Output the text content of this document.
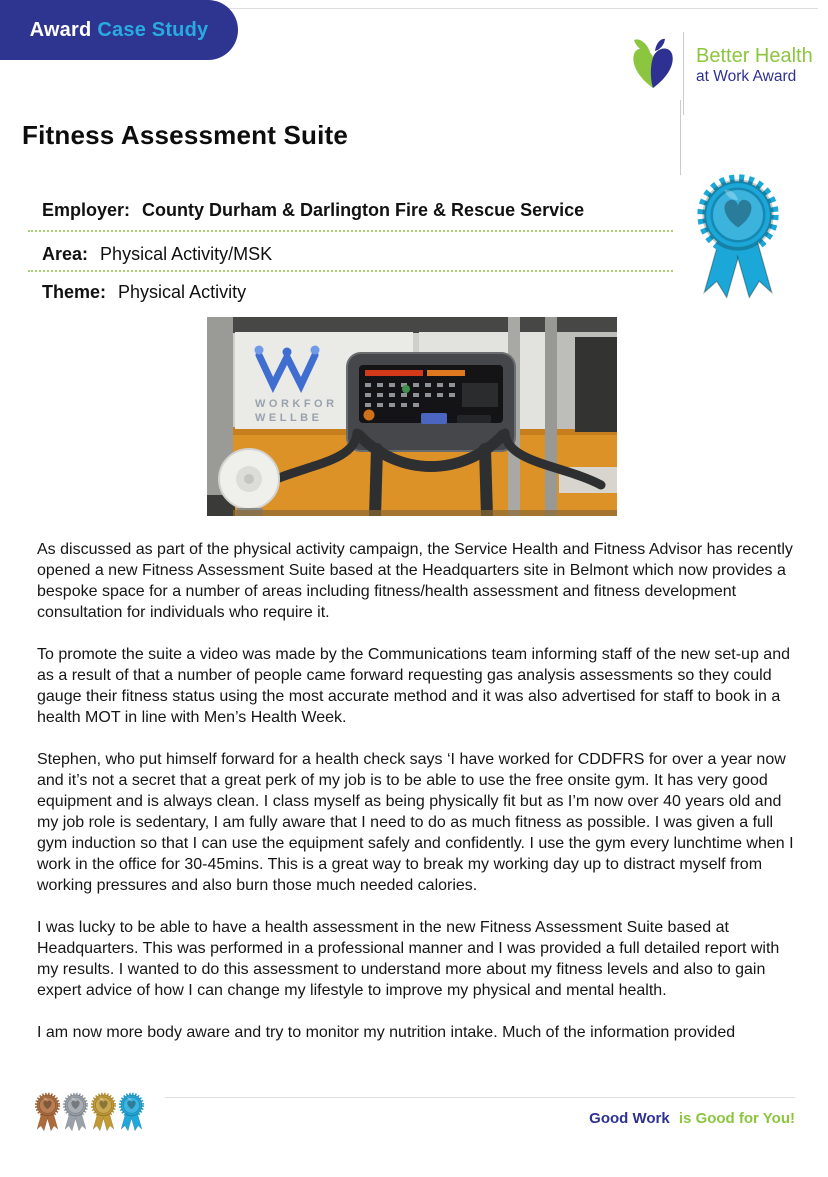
Award Case Study
Better Health
at Work Award
Fitness Assessment Suite
Employer: County Durham & Darlington Fire & Rescue Service
Area: Physical Activity/MSK
Theme: Physical Activity
WORKFOR
WELLBE

As discussed as part of the physical activity campaign, the Service Health and Fitness Advisor has recently opened a new Fitness Assessment Suite based at the Headquarters site in Belmont which now provides a bespoke space for a number of areas including fitness/health assessment and fitness development consultation for individuals who require it.

To promote the suite a video was made by the Communications team informing staff of the new set-up and as a result of that a number of people came forward requesting gas analysis assessments so they could gauge their fitness status using the most accurate method and it was also advertised for staff to book in a health MOT in line with Men’s Health Week.

Stephen, who put himself forward for a health check says ‘I have worked for CDDFRS for over a year now and it’s not a secret that a great perk of my job is to be able to use the free onsite gym. It has very good equipment and is always clean. I class myself as being physically fit but as I’m now over 40 years old and my job role is sedentary, I am fully aware that I need to do as much fitness as possible. I was given a full gym induction so that I can use the equipment safely and confidently. I use the gym every lunchtime when I work in the office for 30-45mins. This is a great way to break my working day up to distract myself from working pressures and also burn those much needed calories.

I was lucky to be able to have a health assessment in the new Fitness Assessment Suite based at Headquarters. This was performed in a professional manner and I was provided a full detailed report with my results. I wanted to do this assessment to understand more about my fitness levels and also to gain expert advice of how I can change my lifestyle to improve my physical and mental health.

I am now more body aware and try to monitor my nutrition intake. Much of the information provided

Good Work is Good for You!
